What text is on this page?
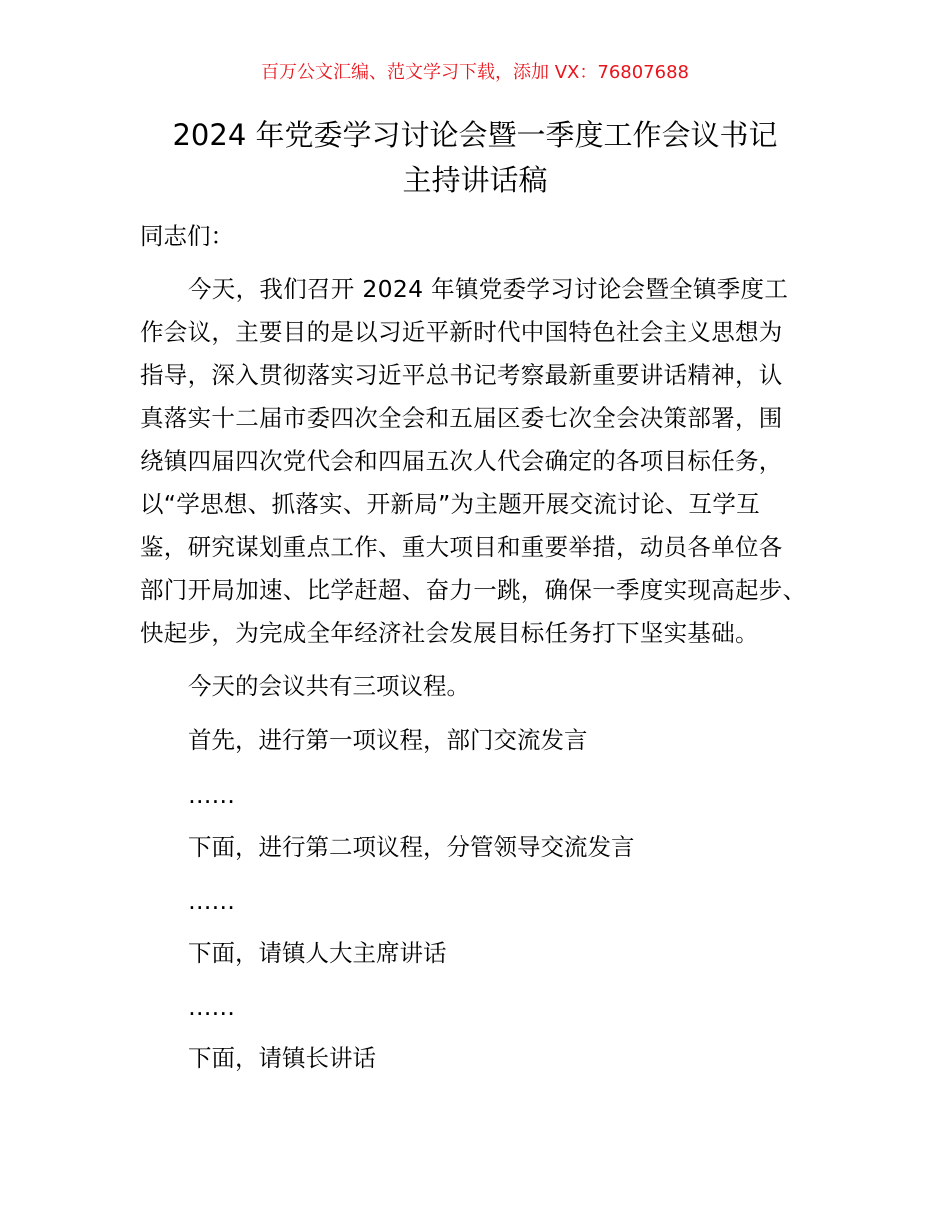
百万公文汇编、范文学习下载，添加 VX：76807688
2024 年党委学习讨论会暨一季度工作会议书记
主持讲话稿
同志们：
今天，我们召开 2024 年镇党委学习讨论会暨全镇季度工
作会议，主要目的是以习近平新时代中国特色社会主义思想为
指导，深入贯彻落实习近平总书记考察最新重要讲话精神，认
真落实十二届市委四次全会和五届区委七次全会决策部署，围
绕镇四届四次党代会和四届五次人代会确定的各项目标任务，
以“学思想、抓落实、开新局”为主题开展交流讨论、互学互
鉴，研究谋划重点工作、重大项目和重要举措，动员各单位各
部门开局加速、比学赶超、奋力一跳，确保一季度实现高起步、
快起步，为完成全年经济社会发展目标任务打下坚实基础。
今天的会议共有三项议程。
首先，进行第一项议程，部门交流发言
……
下面，进行第二项议程，分管领导交流发言
……
下面，请镇人大主席讲话
……
下面，请镇长讲话
